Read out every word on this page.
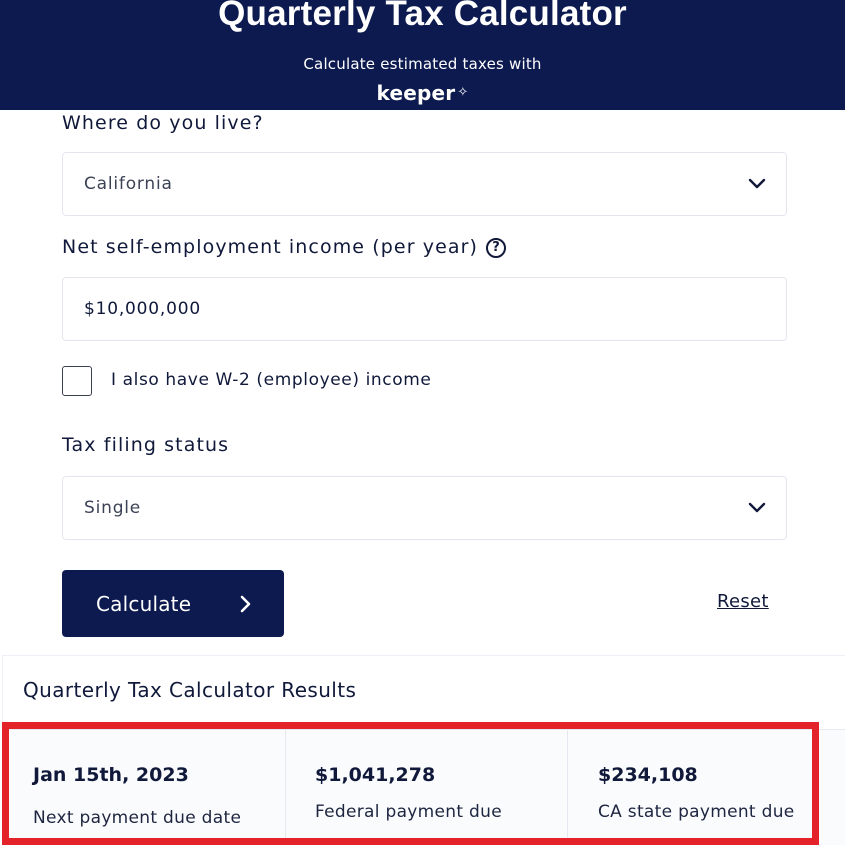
Quarterly Tax Calculator
Calculate estimated taxes with
keeper ✧
Where do you live?
California
Net self-employment income (per year) ?
$10,000,000
I also have W-2 (employee) income
Tax filing status
Single
Calculate	Reset
Quarterly Tax Calculator Results
Jan 15th, 2023
Next payment due date
$1,041,278
Federal payment due
$234,108
CA state payment due
